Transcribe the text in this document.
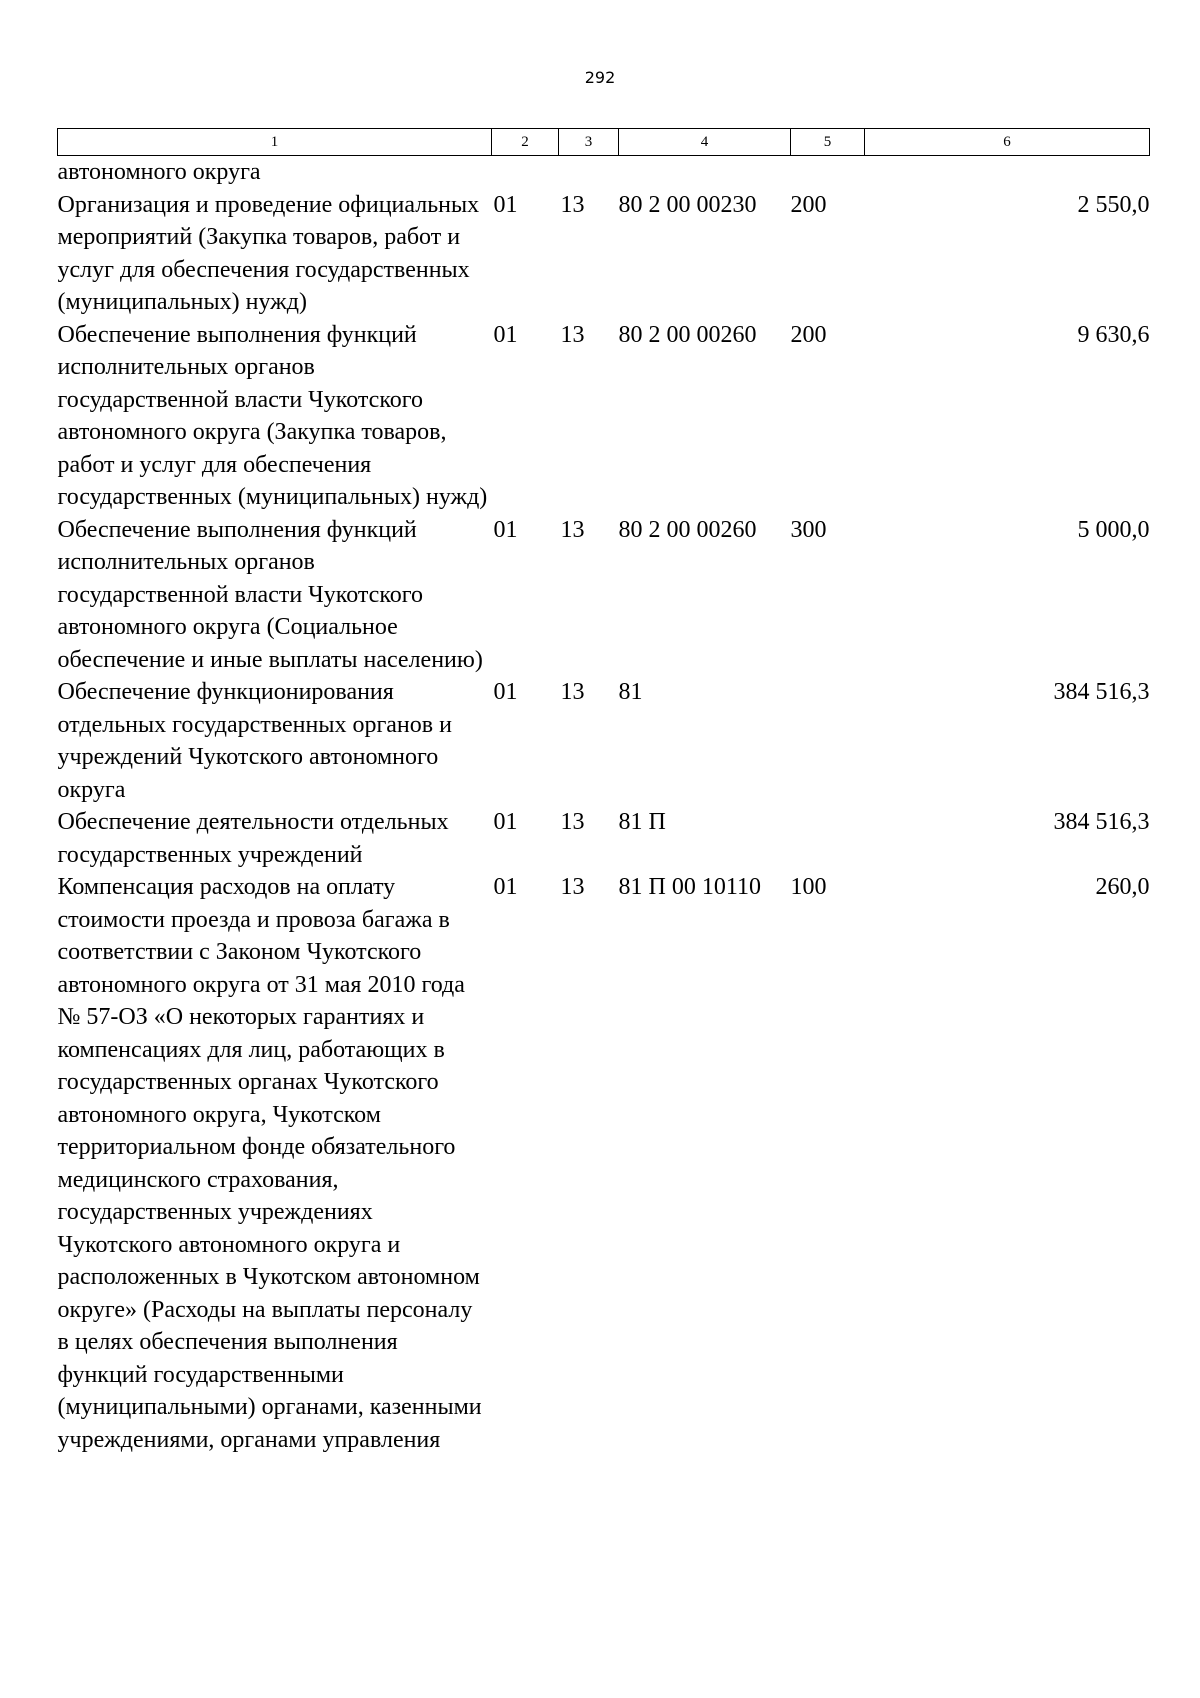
292
1	2	3	4	5	6
автономного округа					
Организация и проведение официальных мероприятий (Закупка товаров, работ и услуг для обеспечения государственных (муниципальных) нужд)	01	13	80 2 00 00230	200	2 550,0
Обеспечение выполнения функций исполнительных органов государственной власти Чукотского автономного округа (Закупка товаров, работ и услуг для обеспечения государственных (муниципальных) нужд)	01	13	80 2 00 00260	200	9 630,6
Обеспечение выполнения функций исполнительных органов государственной власти Чукотского автономного округа (Социальное обеспечение и иные выплаты населению)	01	13	80 2 00 00260	300	5 000,0
Обеспечение функционирования отдельных государственных органов и учреждений Чукотского автономного округа	01	13	81		384 516,3
Обеспечение деятельности отдельных государственных учреждений	01	13	81 П		384 516,3
Компенсация расходов на оплату стоимости проезда и провоза багажа в соответствии с Законом Чукотского автономного округа от 31 мая 2010 года № 57-ОЗ «О некоторых гарантиях и компенсациях для лиц, работающих в государственных органах Чукотского автономного округа, Чукотском территориальном фонде обязательного медицинского страхования, государственных учреждениях Чукотского автономного округа и расположенных в Чукотском автономном округе» (Расходы на выплаты персоналу в целях обеспечения выполнения функций государственными (муниципальными) органами, казенными учреждениями, органами управления	01	13	81 П 00 10110	100	260,0
